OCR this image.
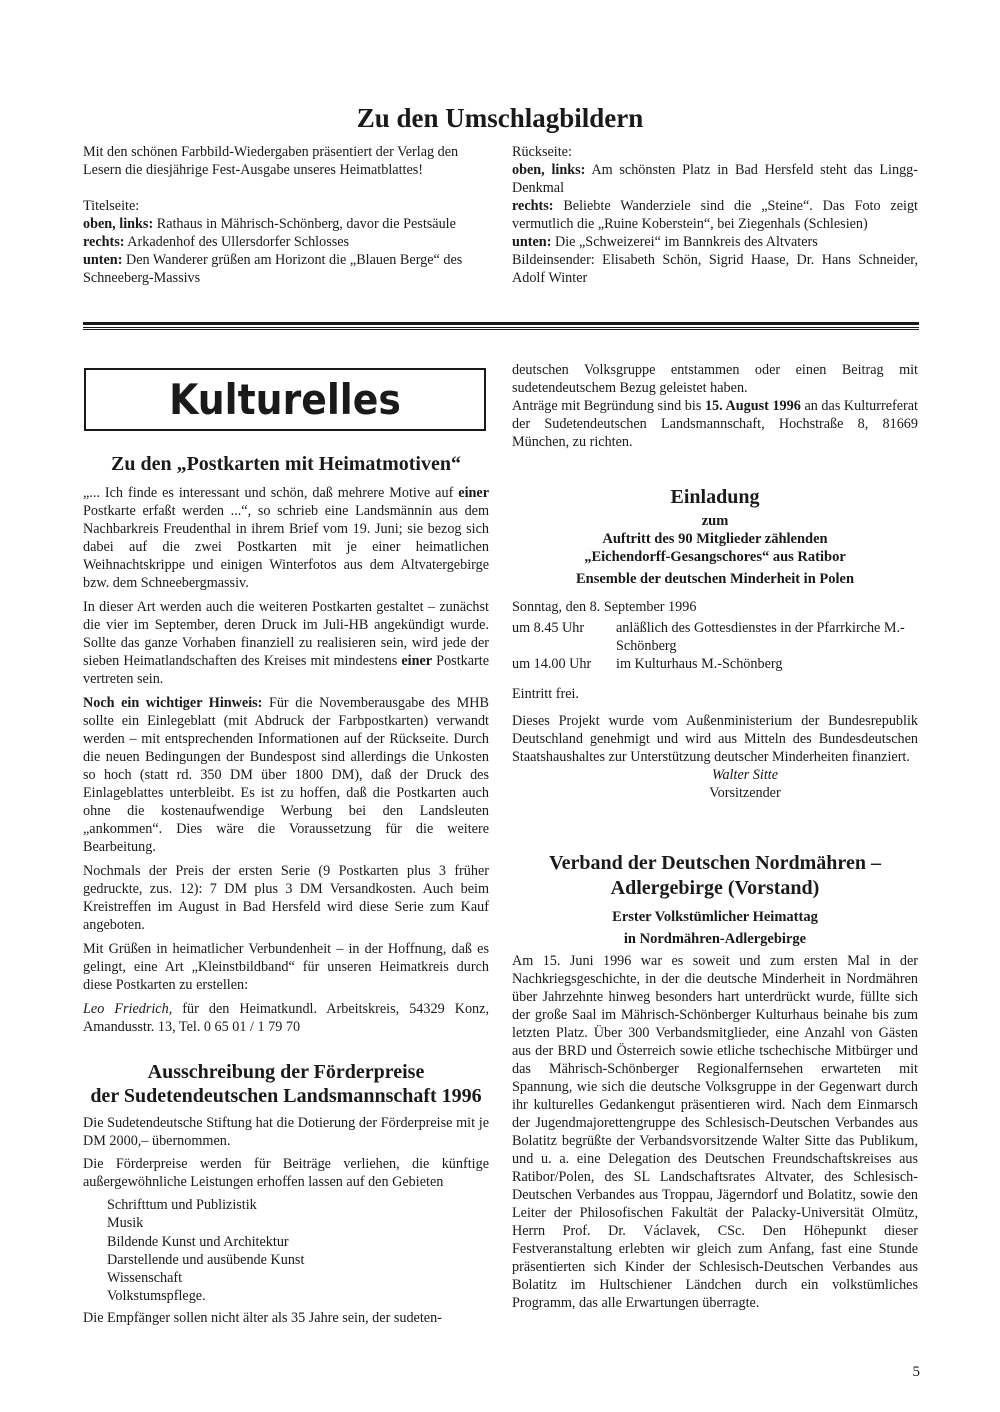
Zu den Umschlagbildern

Mit den schönen Farbbild-Wiedergaben präsentiert der Verlag den Lesern die diesjährige Fest-Ausgabe unseres Heimatblattes!

Titelseite:

oben, links: Rathaus in Mährisch-Schönberg, davor die Pestsäule

rechts: Arkadenhof des Ullersdorfer Schlosses

unten: Den Wanderer grüßen am Horizont die „Blauen Berge“ des Schneeberg-Massivs

Rückseite:

oben, links: Am schönsten Platz in Bad Hersfeld steht das Lingg-Denkmal

rechts: Beliebte Wanderziele sind die „Steine“. Das Foto zeigt vermutlich die „Ruine Koberstein“, bei Ziegenhals (Schlesien)

unten: Die „Schweizerei“ im Bannkreis des Altvaters

Bildeinsender: Elisabeth Schön, Sigrid Haase, Dr. Hans Schneider, Adolf Winter

Kulturelles
Zu den „Postkarten mit Heimatmotiven“

„... Ich finde es interessant und schön, daß mehrere Motive auf einer Postkarte erfaßt werden ...“, so schrieb eine Landsmännin aus dem Nachbarkreis Freudenthal in ihrem Brief vom 19. Juni; sie bezog sich dabei auf die zwei Postkarten mit je einer heimatlichen Weihnachtskrippe und einigen Winterfotos aus dem Altvatergebirge bzw. dem Schneebergmassiv.

In dieser Art werden auch die weiteren Postkarten gestaltet – zunächst die vier im September, deren Druck im Juli-HB angekündigt wurde. Sollte das ganze Vorhaben finanziell zu realisieren sein, wird jede der sieben Heimatlandschaften des Kreises mit mindestens einer Postkarte vertreten sein.

Noch ein wichtiger Hinweis: Für die Novemberausgabe des MHB sollte ein Einlegeblatt (mit Abdruck der Farbpostkarten) verwandt werden – mit entsprechenden Informationen auf der Rückseite. Durch die neuen Bedingungen der Bundespost sind allerdings die Unkosten so hoch (statt rd. 350 DM über 1800 DM), daß der Druck des Einlageblattes unterbleibt. Es ist zu hoffen, daß die Postkarten auch ohne die kostenaufwendige Werbung bei den Landsleuten „ankommen“. Dies wäre die Voraussetzung für die weitere Bearbeitung.

Nochmals der Preis der ersten Serie (9 Postkarten plus 3 früher gedruckte, zus. 12): 7 DM plus 3 DM Versandkosten. Auch beim Kreistreffen im August in Bad Hersfeld wird diese Serie zum Kauf angeboten.

Mit Grüßen in heimatlicher Verbundenheit – in der Hoffnung, daß es gelingt, eine Art „Kleinstbildband“ für unseren Heimatkreis durch diese Postkarten zu erstellen:

Leo Friedrich, für den Heimatkundl. Arbeitskreis, 54329 Konz, Amandusstr. 13, Tel. 0 65 01 / 1 79 70

Ausschreibung der Förderpreise
der Sudetendeutschen Landsmannschaft 1996

Die Sudetendeutsche Stiftung hat die Dotierung der Förderpreise mit je DM 2000,– übernommen.

Die Förderpreise werden für Beiträge verliehen, die künftige außergewöhnliche Leistungen erhoffen lassen auf den Gebieten

Schrifttum und Publizistik
Musik
Bildende Kunst und Architektur
Darstellende und ausübende Kunst
Wissenschaft
Volkstumspflege.

Die Empfänger sollen nicht älter als 35 Jahre sein, der sudeten-

deutschen Volksgruppe entstammen oder einen Beitrag mit sudetendeutschem Bezug geleistet haben.

Anträge mit Begründung sind bis 15. August 1996 an das Kulturreferat der Sudetendeutschen Landsmannschaft, Hochstraße 8, 81669 München, zu richten.

Einladung
zum
Auftritt des 90 Mitglieder zählenden
„Eichendorff-Gesangschores“ aus Ratibor
Ensemble der deutschen Minderheit in Polen

Sonntag, den 8. September 1996

um 8.45 Uhr	anläßlich des Gottesdienstes in der Pfarrkirche M.-Schönberg
um 14.00 Uhr	im Kulturhaus M.-Schönberg

Eintritt frei.

Dieses Projekt wurde vom Außenministerium der Bundesrepublik Deutschland genehmigt und wird aus Mitteln des Bundesdeutschen Staatshaushaltes zur Unterstützung deutscher Minderheiten finanziert.

Walter Sitte

Vorsitzender

Verband der Deutschen Nordmähren –
Adlergebirge (Vorstand)
Erster Volkstümlicher Heimattag
in Nordmähren-Adlergebirge

Am 15. Juni 1996 war es soweit und zum ersten Mal in der Nachkriegsgeschichte, in der die deutsche Minderheit in Nordmähren über Jahrzehnte hinweg besonders hart unterdrückt wurde, füllte sich der große Saal im Mährisch-Schönberger Kulturhaus beinahe bis zum letzten Platz. Über 300 Verbandsmitglieder, eine Anzahl von Gästen aus der BRD und Österreich sowie etliche tschechische Mitbürger und das Mährisch-Schönberger Regionalfernsehen erwarteten mit Spannung, wie sich die deutsche Volksgruppe in der Gegenwart durch ihr kulturelles Gedankengut präsentieren wird. Nach dem Einmarsch der Jugendmajorettengruppe des Schlesisch-Deutschen Verbandes aus Bolatitz begrüßte der Verbandsvorsitzende Walter Sitte das Publikum, und u. a. eine Delegation des Deutschen Freundschaftskreises aus Ratibor/Polen, des SL Landschaftsrates Altvater, des Schlesisch-Deutschen Verbandes aus Troppau, Jägerndorf und Bolatitz, sowie den Leiter der Philosofischen Fakultät der Palacky-Universität Olmütz, Herrn Prof. Dr. Václavek, CSc. Den Höhepunkt dieser Festveranstaltung erlebten wir gleich zum Anfang, fast eine Stunde präsentierten sich Kinder der Schlesisch-Deutschen Verbandes aus Bolatitz im Hultschiener Ländchen durch ein volkstümliches Programm, das alle Erwartungen überragte.

5
